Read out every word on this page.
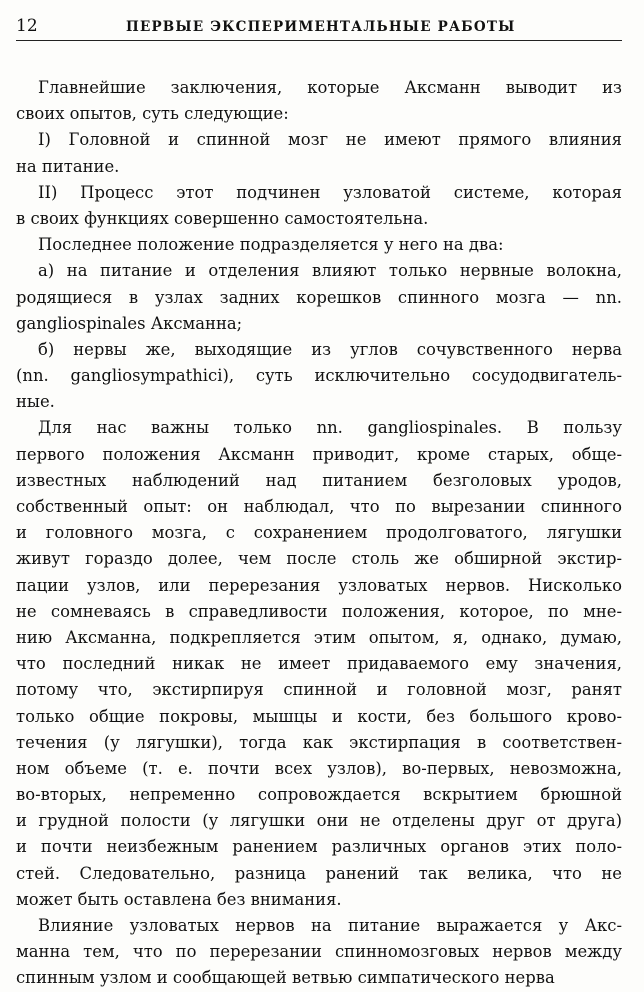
12	ПЕРВЫЕ ЭКСПЕРИМЕНТАЛЬНЫЕ РАБОТЫ
Главнейшие заключения, которые Аксманн выводит из
своих опытов, суть следующие:
I) Головной и спинной мозг не имеют прямого влияния
на питание.
II) Процесс этот подчинен узловатой системе, которая
в своих функциях совершенно самостоятельна.
Последнее положение подразделяется у него на два:
а) на питание и отделения влияют только нервные волокна,
родящиеся в узлах задних корешков спинного мозга — nn.
gangliospinales Аксманна;
б) нервы же, выходящие из углов сочувственного нерва
(nn. gangliosympathici), суть исключительно сосудодвигатель-
ные.
Для нас важны только nn. gangliospinales. В пользу
первого положения Аксманн приводит, кроме старых, обще-
известных наблюдений над питанием безголовых уродов,
собственный опыт: он наблюдал, что по вырезании спинного
и головного мозга, с сохранением продолговатого, лягушки
живут гораздо долее, чем после столь же обширной экстир-
пации узлов, или перерезания узловатых нервов. Нисколько
не сомневаясь в справедливости положения, которое, по мне-
нию Аксманна, подкрепляется этим опытом, я, однако, думаю,
что последний никак не имеет придаваемого ему значения,
потому что, экстирпируя спинной и головной мозг, ранят
только общие покровы, мышцы и кости, без большого крово-
течения (у лягушки), тогда как экстирпация в соответствен-
ном объеме (т. е. почти всех узлов), во-первых, невозможна,
во-вторых, непременно сопровождается вскрытием брюшной
и грудной полости (у лягушки они не отделены друг от друга)
и почти неизбежным ранением различных органов этих поло-
стей. Следовательно, разница ранений так велика, что не
может быть оставлена без внимания.
Влияние узловатых нервов на питание выражается у Акс-
манна тем, что по перерезании спинномозговых нервов между
спинным узлом и сообщающей ветвью симпатического нерва
